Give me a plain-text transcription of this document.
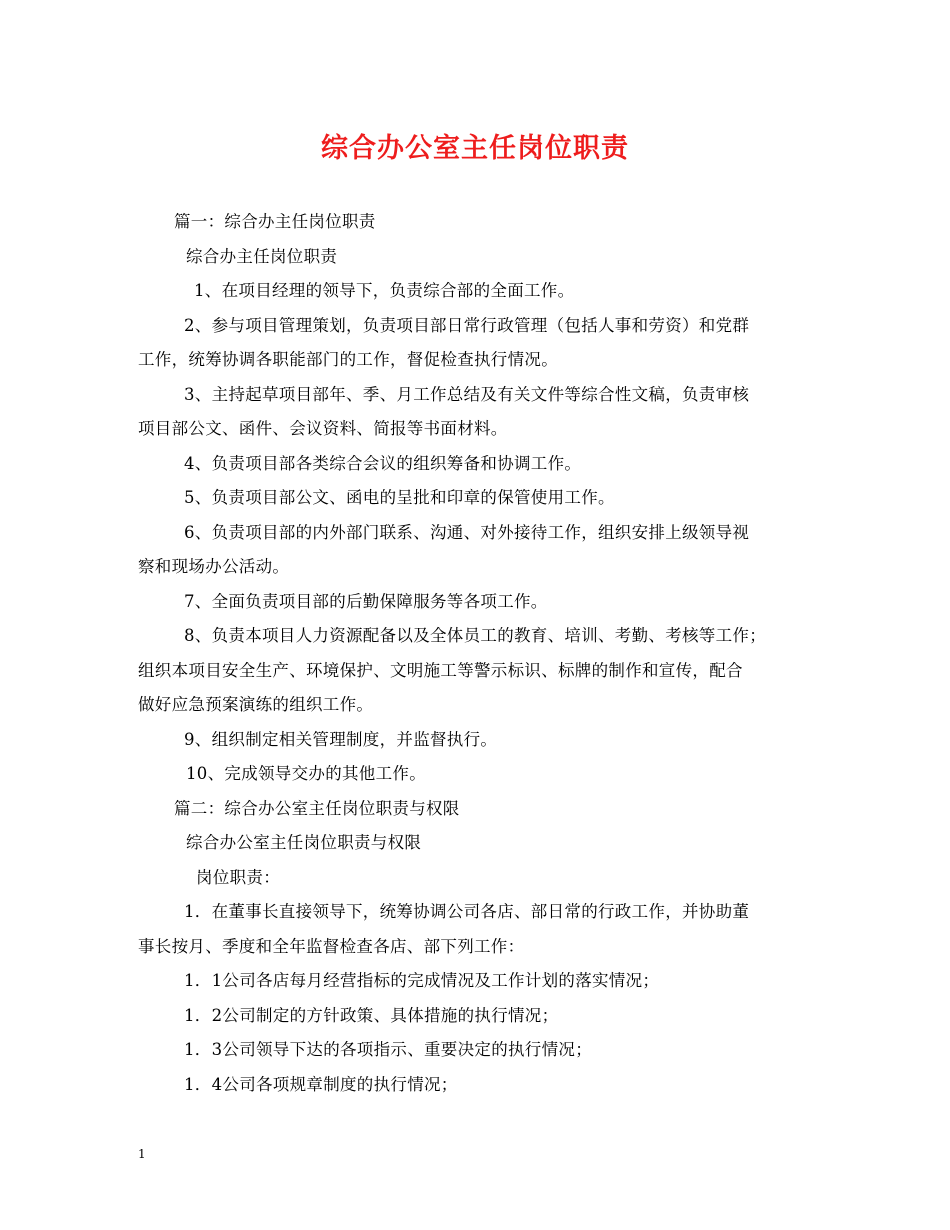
综合办公室主任岗位职责
篇一：综合办主任岗位职责
综合办主任岗位职责
1、在项目经理的领导下，负责综合部的全面工作。
2、参与项目管理策划，负责项目部日常行政管理（包括人事和劳资）和党群
工作，统筹协调各职能部门的工作，督促检查执行情况。
3、主持起草项目部年、季、月工作总结及有关文件等综合性文稿，负责审核
项目部公文、函件、会议资料、简报等书面材料。
4、负责项目部各类综合会议的组织筹备和协调工作。
5、负责项目部公文、函电的呈批和印章的保管使用工作。
6、负责项目部的内外部门联系、沟通、对外接待工作，组织安排上级领导视
察和现场办公活动。
7、全面负责项目部的后勤保障服务等各项工作。
8、负责本项目人力资源配备以及全体员工的教育、培训、考勤、考核等工作；
组织本项目安全生产、环境保护、文明施工等警示标识、标牌的制作和宣传，配合
做好应急预案演练的组织工作。
9、组织制定相关管理制度，并监督执行。
10、完成领导交办的其他工作。
篇二：综合办公室主任岗位职责与权限
综合办公室主任岗位职责与权限
岗位职责：
1．在董事长直接领导下，统筹协调公司各店、部日常的行政工作，并协助董
事长按月、季度和全年监督检查各店、部下列工作：
1．1公司各店每月经营指标的完成情况及工作计划的落实情况；
1．2公司制定的方针政策、具体措施的执行情况；
1．3公司领导下达的各项指示、重要决定的执行情况；
1．4公司各项规章制度的执行情况；
1
